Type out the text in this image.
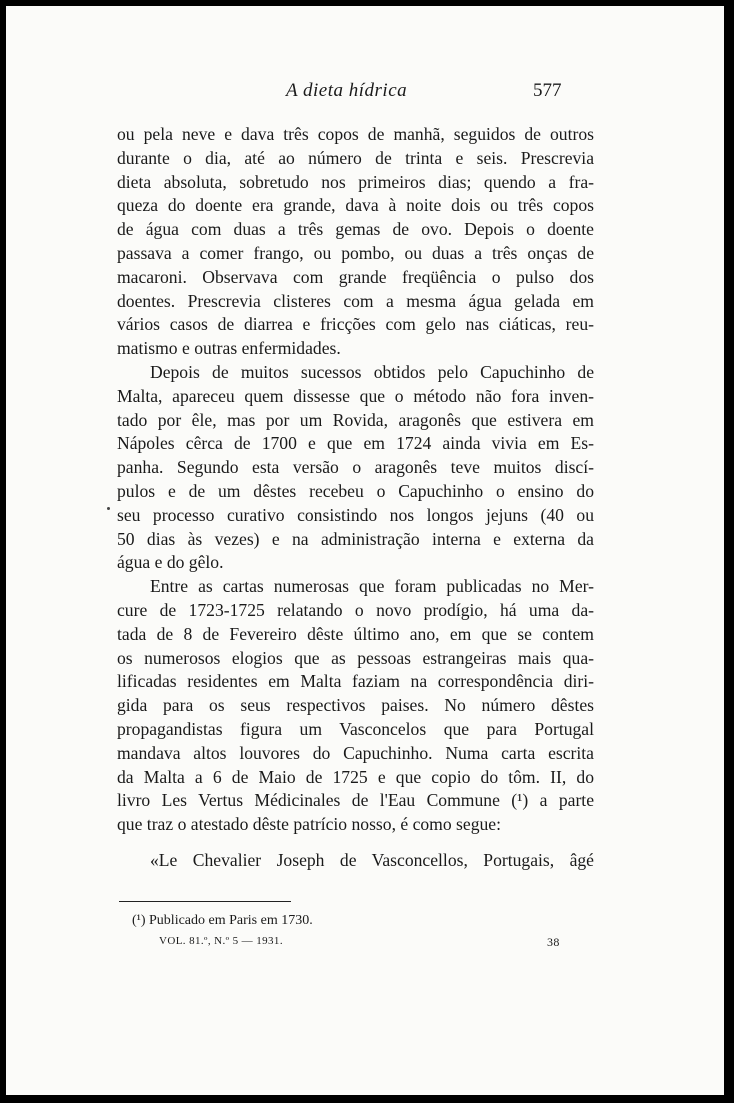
A dieta hídrica	577
ou pela neve e dava três copos de manhã, seguidos de outros
durante o dia, até ao número de trinta e seis. Prescrevia
dieta absoluta, sobretudo nos primeiros dias; quendo a fra-
queza do doente era grande, dava à noite dois ou três copos
de água com duas a três gemas de ovo. Depois o doente
passava a comer frango, ou pombo, ou duas a três onças de
macaroni. Observava com grande freqüência o pulso dos
doentes. Prescrevia clisteres com a mesma água gelada em
vários casos de diarrea e fricções com gelo nas ciáticas, reu-
matismo e outras enfermidades.
Depois de muitos sucessos obtidos pelo Capuchinho de
Malta, apareceu quem dissesse que o método não fora inven-
tado por êle, mas por um Rovida, aragonês que estivera em
Nápoles cêrca de 1700 e que em 1724 ainda vivia em Es-
panha. Segundo esta versão o aragonês teve muitos discí-
pulos e de um dêstes recebeu o Capuchinho o ensino do
seu processo curativo consistindo nos longos jejuns (40 ou
50 dias às vezes) e na administração interna e externa da
água e do gêlo.
Entre as cartas numerosas que foram publicadas no Mer-
cure de 1723-1725 relatando o novo prodígio, há uma da-
tada de 8 de Fevereiro dêste último ano, em que se contem
os numerosos elogios que as pessoas estrangeiras mais qua-
lificadas residentes em Malta faziam na correspondência diri-
gida para os seus respectivos paises. No número dêstes
propagandistas figura um Vasconcelos que para Portugal
mandava altos louvores do Capuchinho. Numa carta escrita
da Malta a 6 de Maio de 1725 e que copio do tôm. II, do
livro Les Vertus Médicinales de l'Eau Commune (¹) a parte
que traz o atestado dêste patrício nosso, é como segue:
«Le Chevalier Joseph de Vasconcellos, Portugais, âgé
(¹) Publicado em Paris em 1730.
VOL. 81.º, N.º 5 — 1931.	38
